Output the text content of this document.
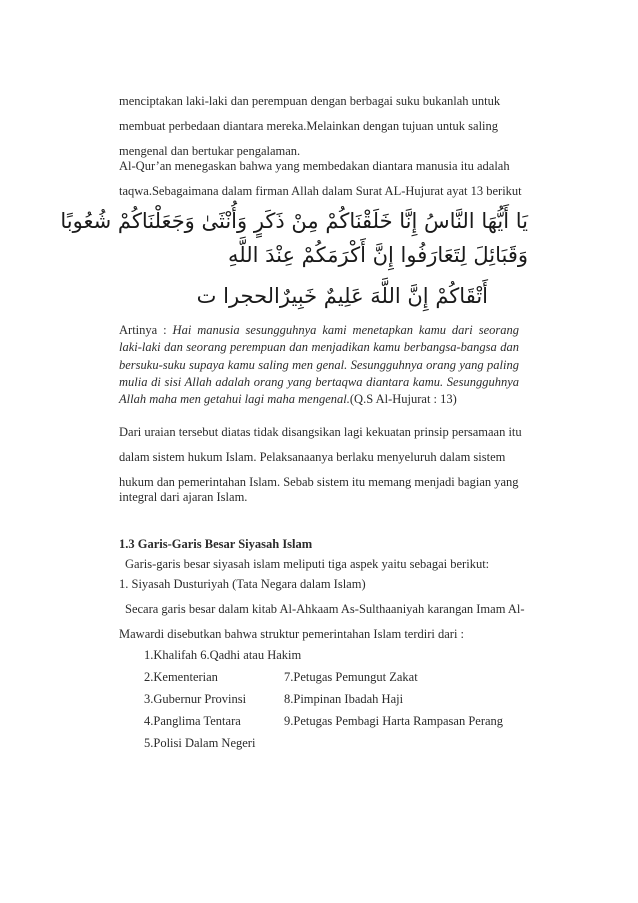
menciptakan laki-laki dan perempuan dengan berbagai suku bukanlah untuk
membuat perbedaan diantara mereka.Melainkan dengan tujuan untuk saling
mengenal dan bertukar pengalaman.
Al-Qur’an menegaskan bahwa yang membedakan diantara manusia itu adalah
taqwa.Sebagaimana dalam firman Allah dalam Surat AL-Hujurat ayat 13 berikut
يَا أَيُّهَا النَّاسُ إِنَّا خَلَقْنَاكُمْ مِنْ ذَكَرٍ وَأُنْثَىٰ وَجَعَلْنَاكُمْ شُعُوبًا
وَقَبَائِلَ لِتَعَارَفُوا إِنَّ أَكْرَمَكُمْ عِنْدَ اللَّهِ
أَتْقَاكُمْ إِنَّ اللَّهَ عَلِيمٌ خَبِيرٌالحجرا ت
Artinya : Hai manusia sesungguhnya kami menetapkan kamu dari seorang laki-laki dan seorang perempuan dan menjadikan kamu berbangsa-bangsa dan bersuku-suku supaya kamu saling men genal. Sesungguhnya orang yang paling mulia di sisi Allah adalah orang yang bertaqwa diantara kamu. Sesungguhnya Allah maha men getahui lagi maha mengenal.(Q.S Al-Hujurat : 13)
Dari uraian tersebut diatas tidak disangsikan lagi kekuatan prinsip persamaan itu
dalam sistem hukum Islam. Pelaksanaanya berlaku menyeluruh dalam sistem
hukum dan pemerintahan Islam. Sebab sistem itu memang menjadi bagian yang
integral dari ajaran Islam.
1.3 Garis-Garis Besar Siyasah Islam
Garis-garis besar siyasah islam meliputi tiga aspek yaitu sebagai berikut:
1. Siyasah Dusturiyah (Tata Negara dalam Islam)
Secara garis besar dalam kitab Al-Ahkaam As-Sulthaaniyah karangan Imam Al-
Mawardi disebutkan bahwa struktur pemerintahan Islam terdiri dari :
1.Khalifah 6.Qadhi atau Hakim
2.Kementerian	7.Petugas Pemungut Zakat
3.Gubernur Provinsi	8.Pimpinan Ibadah Haji
4.Panglima Tentara	9.Petugas Pembagi Harta Rampasan Perang
5.Polisi Dalam Negeri
